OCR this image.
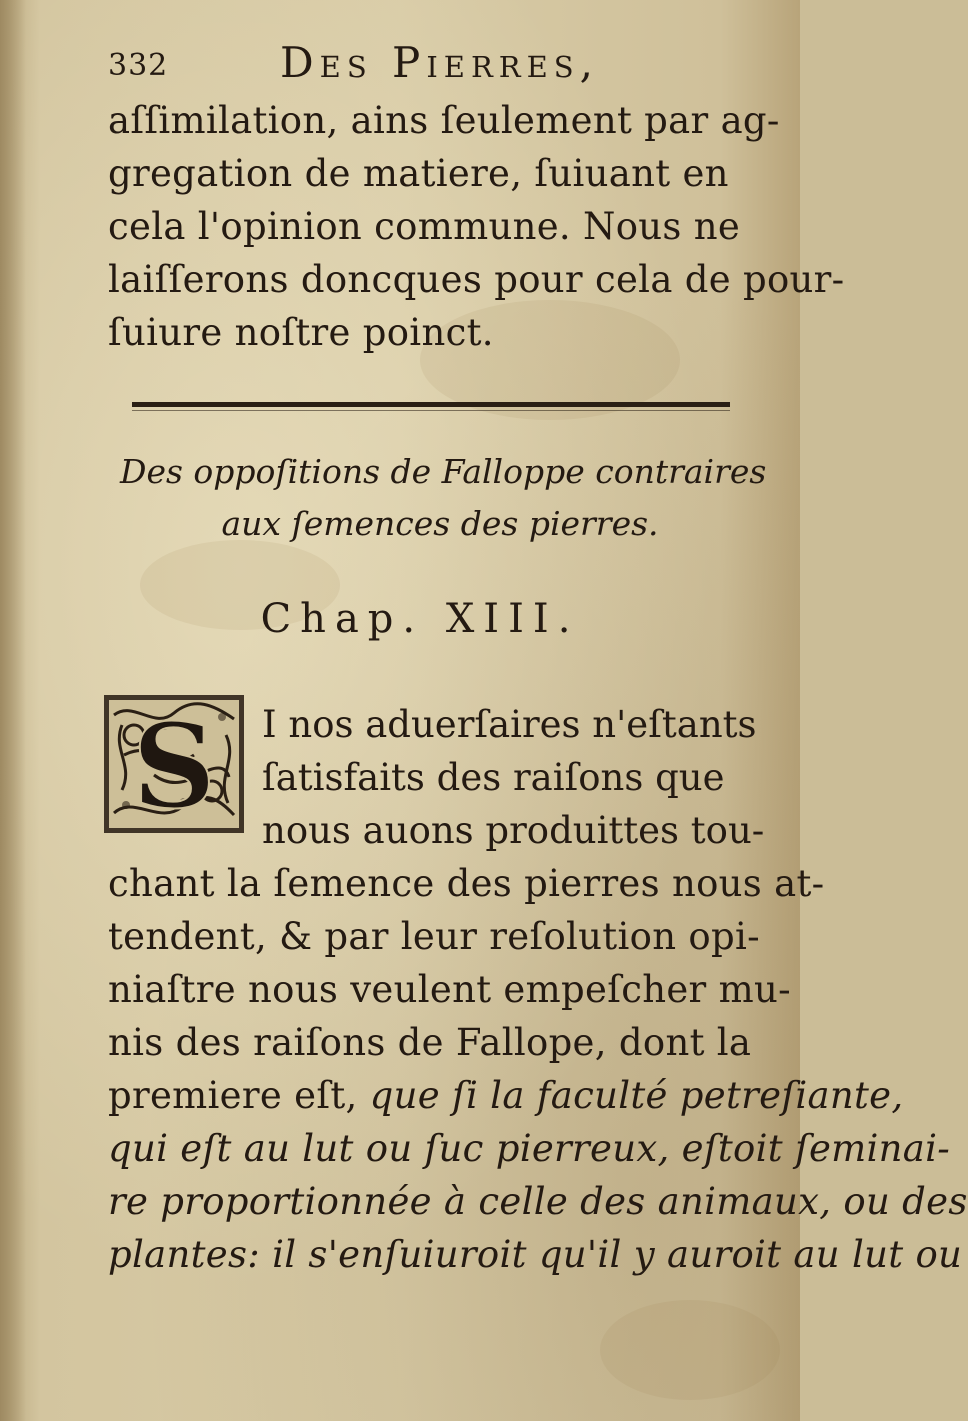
332	Des Pierres,
aſſimilation, ains ſeulement par ag-
gregation de matiere, ſuiuant en
cela l'opinion commune. Nous ne
laiſſerons doncques pour cela de pour-
ſuiure noſtre poinct.
Des oppoſitions de Falloppe contraires
aux ſemences des pierres.
Chap. XIII.
S I nos aduerſaires n'eſtants
ſatisfaits des raiſons que
nous auons produittes tou-
chant la ſemence des pierres nous at-
tendent, & par leur reſolution opi-
niaſtre nous veulent empeſcher mu-
nis des raiſons de Fallope, dont la
premiere eſt, que ſi la faculté petreſiante,
qui eſt au lut ou ſuc pierreux, eſtoit ſeminai-
re proportionnée à celle des animaux, ou des
plantes: il s'enſuiuroit qu'il y auroit au lut ou
